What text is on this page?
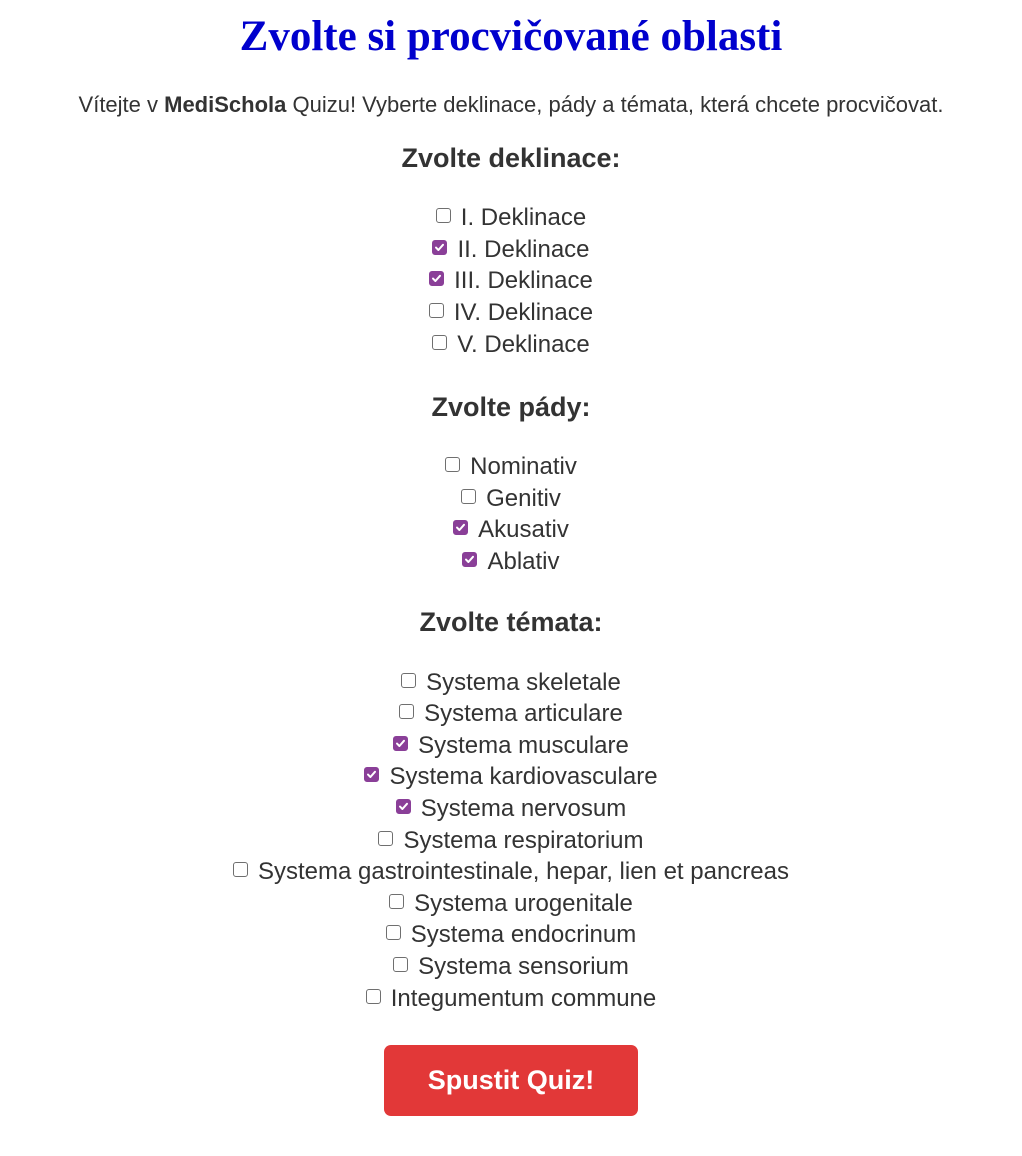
Zvolte si procvičované oblasti

Vítejte v MediSchola Quizu! Vyberte deklinace, pády a témata, která chcete procvičovat.

Zvolte deklinace:
I. Deklinace
II. Deklinace
III. Deklinace
IV. Deklinace
V. Deklinace
Zvolte pády:
Nominativ
Genitiv
Akusativ
Ablativ
Zvolte témata:
Systema skeletale
Systema articulare
Systema musculare
Systema kardiovasculare
Systema nervosum
Systema respiratorium
Systema gastrointestinale, hepar, lien et pancreas
Systema urogenitale
Systema endocrinum
Systema sensorium
Integumentum commune
Spustit Quiz!
